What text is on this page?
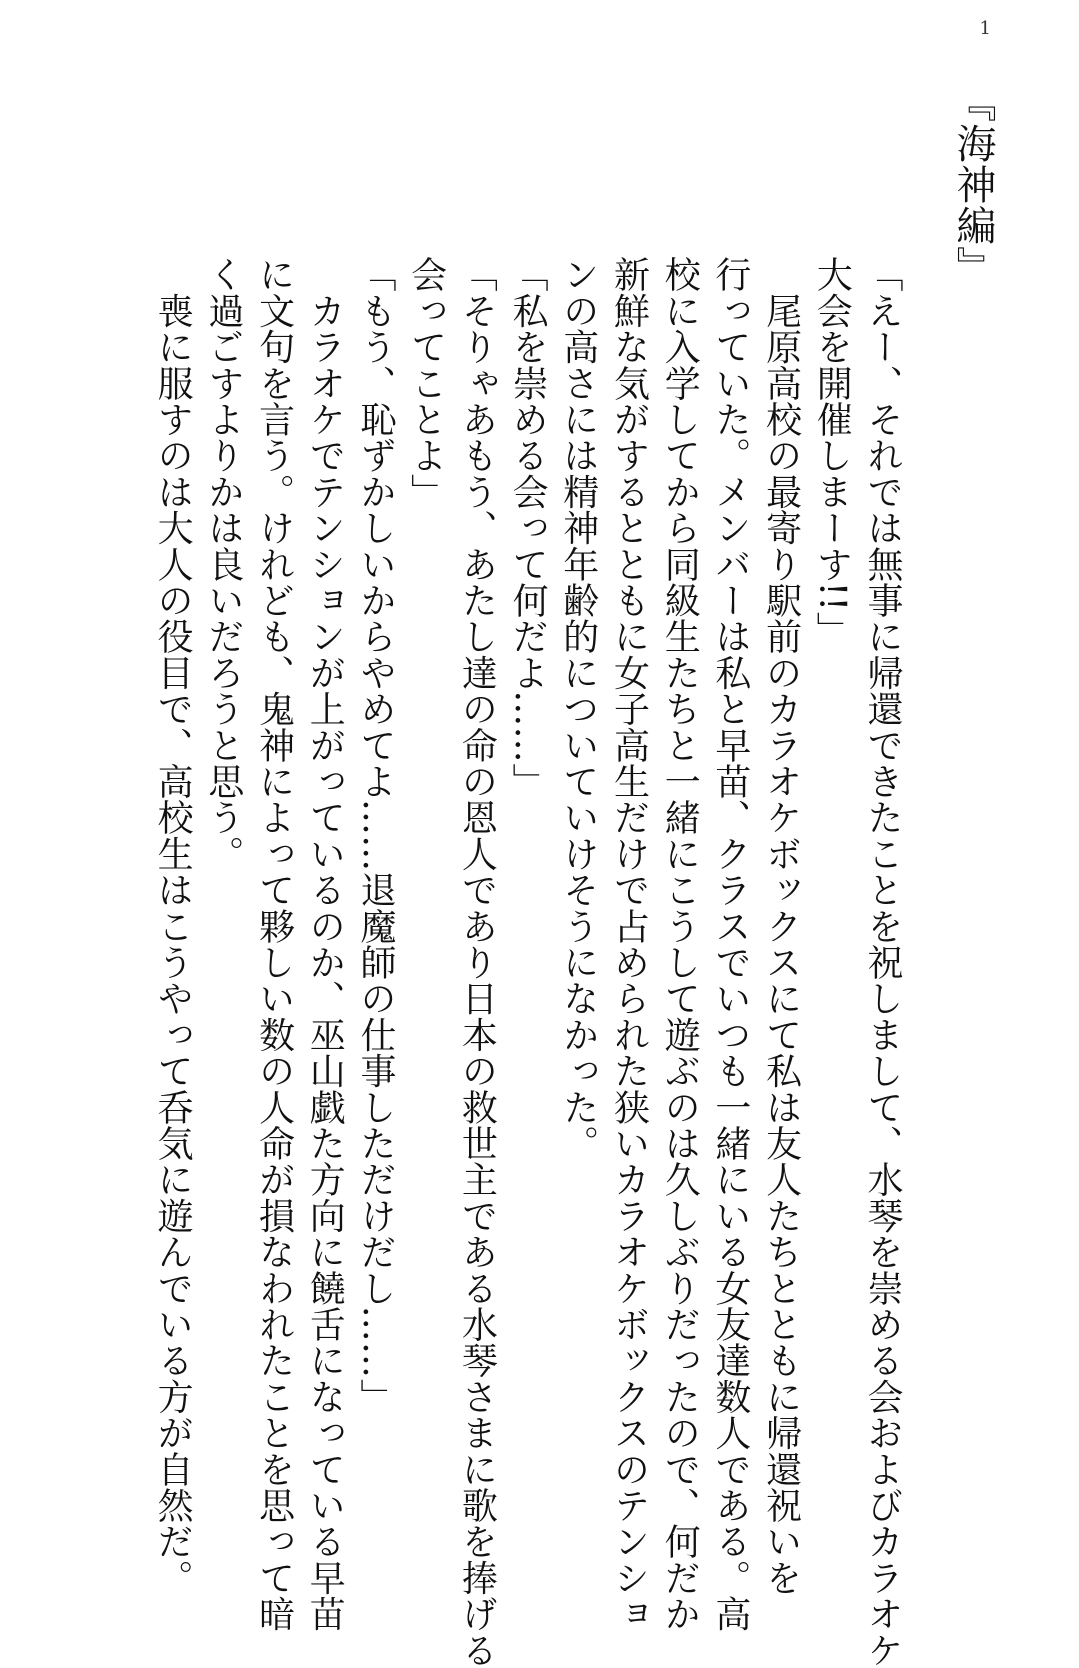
1
『海神編』
「えー、それでは無事に帰還できたことを祝しまして、水琴を崇める会およびカラオケ
大会を開催しまーす!!」
　尾原高校の最寄り駅前のカラオケボックスにて私は友人たちとともに帰還祝いを
行っていた。メンバーは私と早苗、クラスでいつも一緒にいる女友達数人である。高
校に入学してから同級生たちと一緒にこうして遊ぶのは久しぶりだったので、何だか
新鮮な気がするとともに女子高生だけで占められた狭いカラオケボックスのテンショ
ンの高さには精神年齢的についていけそうになかった。
「私を崇める会って何だよ……」
「そりゃあもう、あたし達の命の恩人であり日本の救世主である水琴さまに歌を捧げる
会ってことよ」
「もう、恥ずかしいからやめてよ……退魔師の仕事しただけだし……」
　カラオケでテンションが上がっているのか、巫山戯た方向に饒舌になっている早苗
に文句を言う。けれども、鬼神によって夥しい数の人命が損なわれたことを思って暗
く過ごすよりかは良いだろうと思う。
　喪に服すのは大人の役目で、高校生はこうやって呑気に遊んでいる方が自然だ。
